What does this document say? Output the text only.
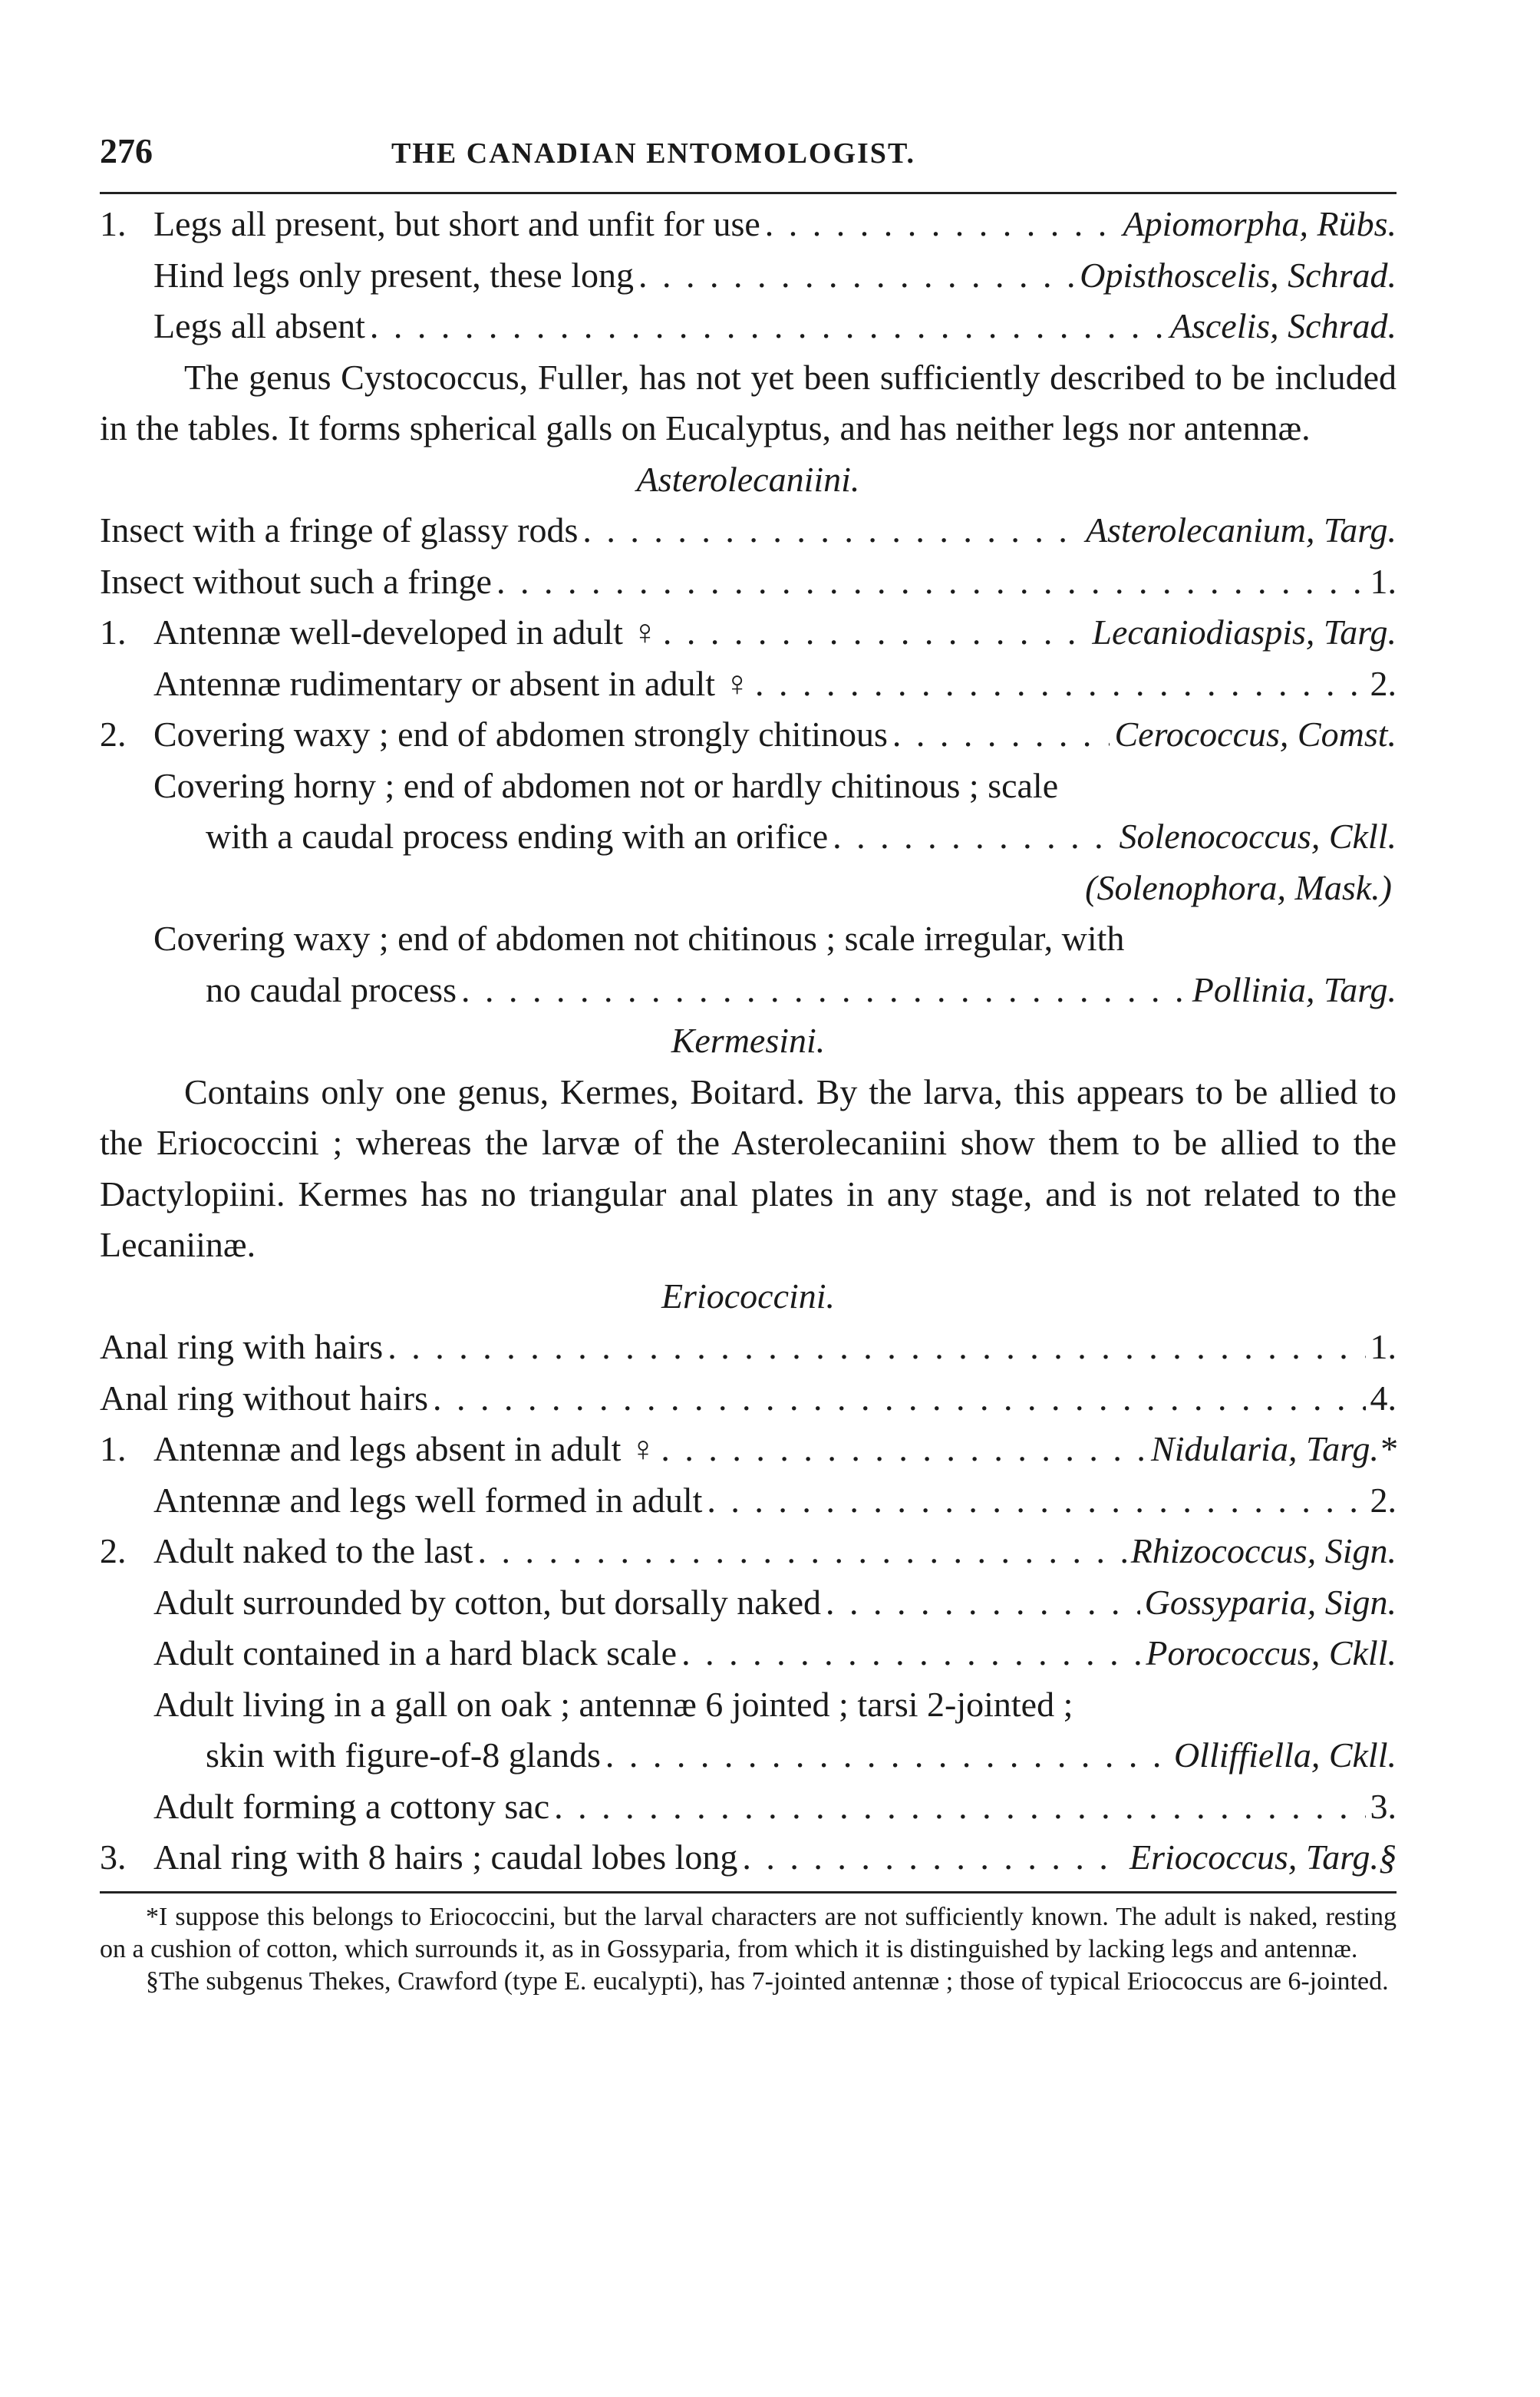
276	THE CANADIAN ENTOMOLOGIST.
1. Legs all present, but short and unfit for use . . .	Apiomorpha, Rübs.
Hind legs only present, these long . . .	Opisthoscelis, Schrad.
Legs all absent . . .	Ascelis, Schrad.

The genus Cystococcus, Fuller, has not yet been sufficiently described to be included in the tables. It forms spherical galls on Eucalyptus, and has neither legs nor antennæ.

Asterolecaniini.
Insect with a fringe of glassy rods . . .	Asterolecanium, Targ.
Insect without such a fringe . . .	1.
1. Antennæ well-developed in adult ♀ . . .	Lecaniodiaspis, Targ.
Antennæ rudimentary or absent in adult ♀ . . .	2.
2. Covering waxy ; end of abdomen strongly chitinous . . .	Cerococcus, Comst.
Covering horny ; end of abdomen not or hardly chitinous ; scale
with a caudal process ending with an orifice . . .	Solenococcus, Ckll.
(Solenophora, Mask.)
Covering waxy ; end of abdomen not chitinous ; scale irregular, with
no caudal process . . .	Pollinia, Targ.
Kermesini.

Contains only one genus, Kermes, Boitard. By the larva, this appears to be allied to the Eriococcini ; whereas the larvæ of the Asterolecaniini show them to be allied to the Dactylopiini. Kermes has no triangular anal plates in any stage, and is not related to the Lecaniinæ.

Eriococcini.
Anal ring with hairs . . .	1.
Anal ring without hairs . . .	4.
1. Antennæ and legs absent in adult ♀ . . .	Nidularia, Targ.*
Antennæ and legs well formed in adult . . .	2.
2. Adult naked to the last . . .	Rhizococcus, Sign.
Adult surrounded by cotton, but dorsally naked . . .	Gossyparia, Sign.
Adult contained in a hard black scale . . .	Porococcus, Ckll.
Adult living in a gall on oak ; antennæ 6 jointed ; tarsi 2-jointed ;
skin with figure-of-8 glands . . .	Olliffiella, Ckll.
Adult forming a cottony sac . . .	3.
3. Anal ring with 8 hairs ; caudal lobes long . . .	Eriococcus, Targ.§

*I suppose this belongs to Eriococcini, but the larval characters are not sufficiently known. The adult is naked, resting on a cushion of cotton, which surrounds it, as in Gossyparia, from which it is distinguished by lacking legs and antennæ.

§The subgenus Thekes, Crawford (type E. eucalypti), has 7-jointed antennæ ; those of typical Eriococcus are 6-jointed.
